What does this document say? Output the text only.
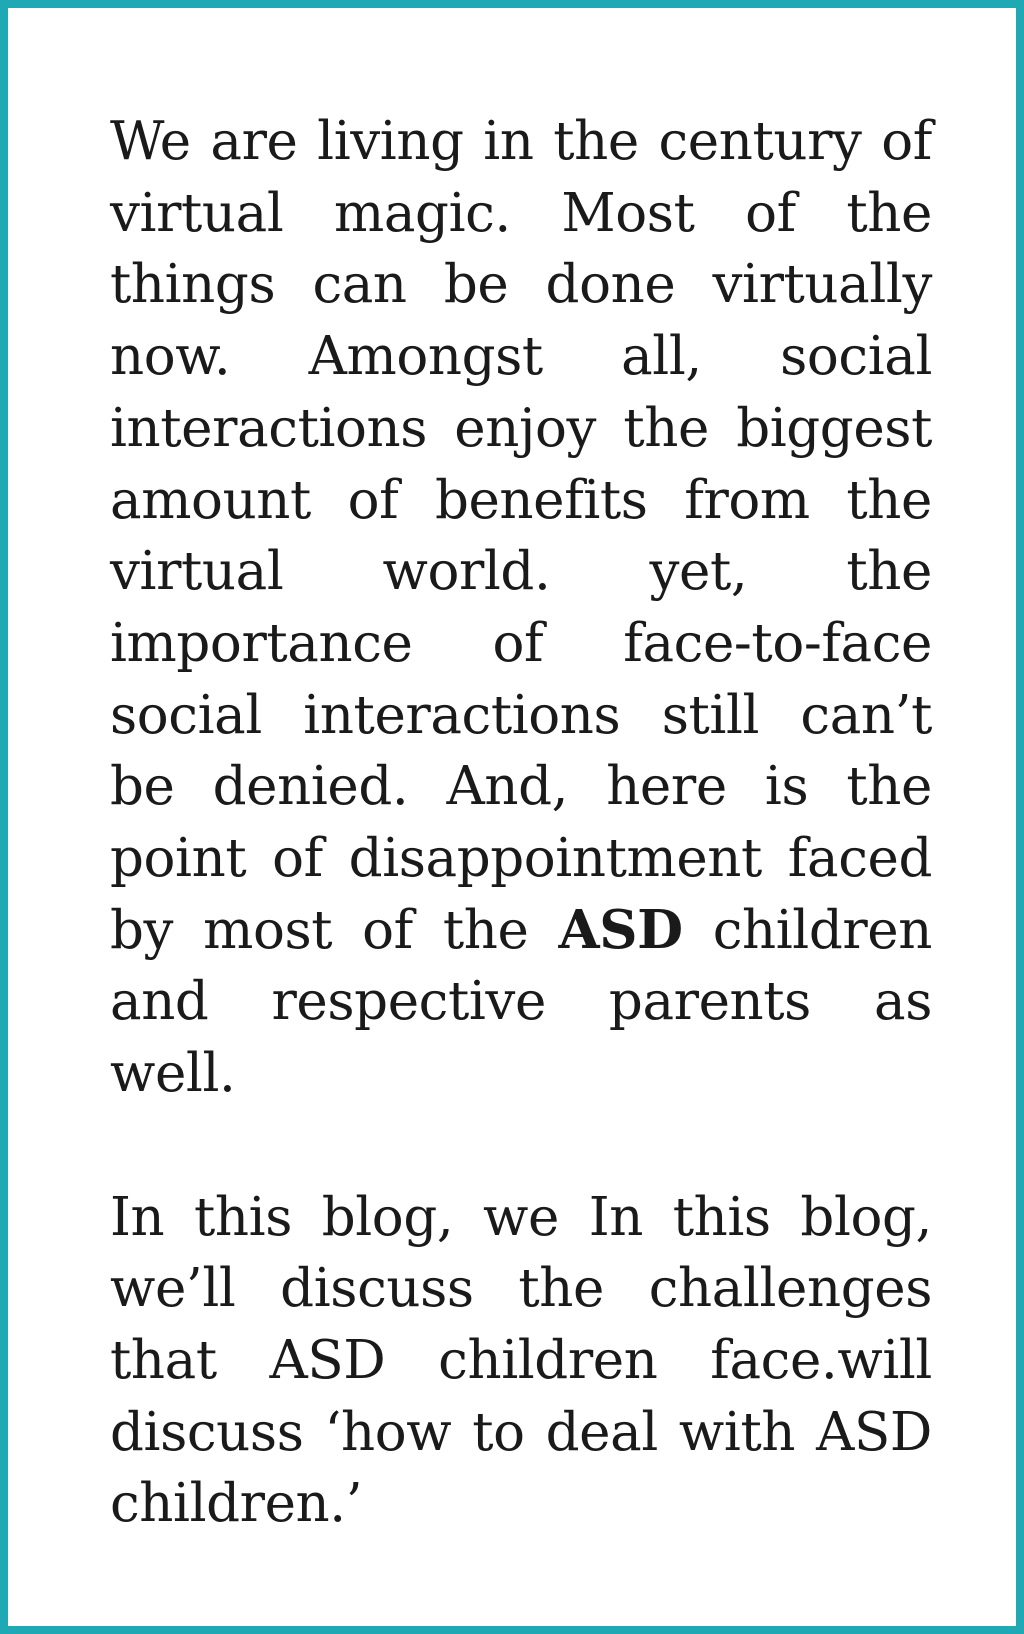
We are living in the century of virtual magic. Most of the things can be done virtually now. Amongst all, social interactions enjoy the biggest amount of benefits from the virtual world. yet, the importance of face-to-face social interactions still can’t be denied. And, here is the point of disappointment faced by most of the ASD children and respective parents as well.

In this blog, we In this blog, we’ll discuss the challenges that ASD children face.will discuss ‘how to deal with ASD children.’
